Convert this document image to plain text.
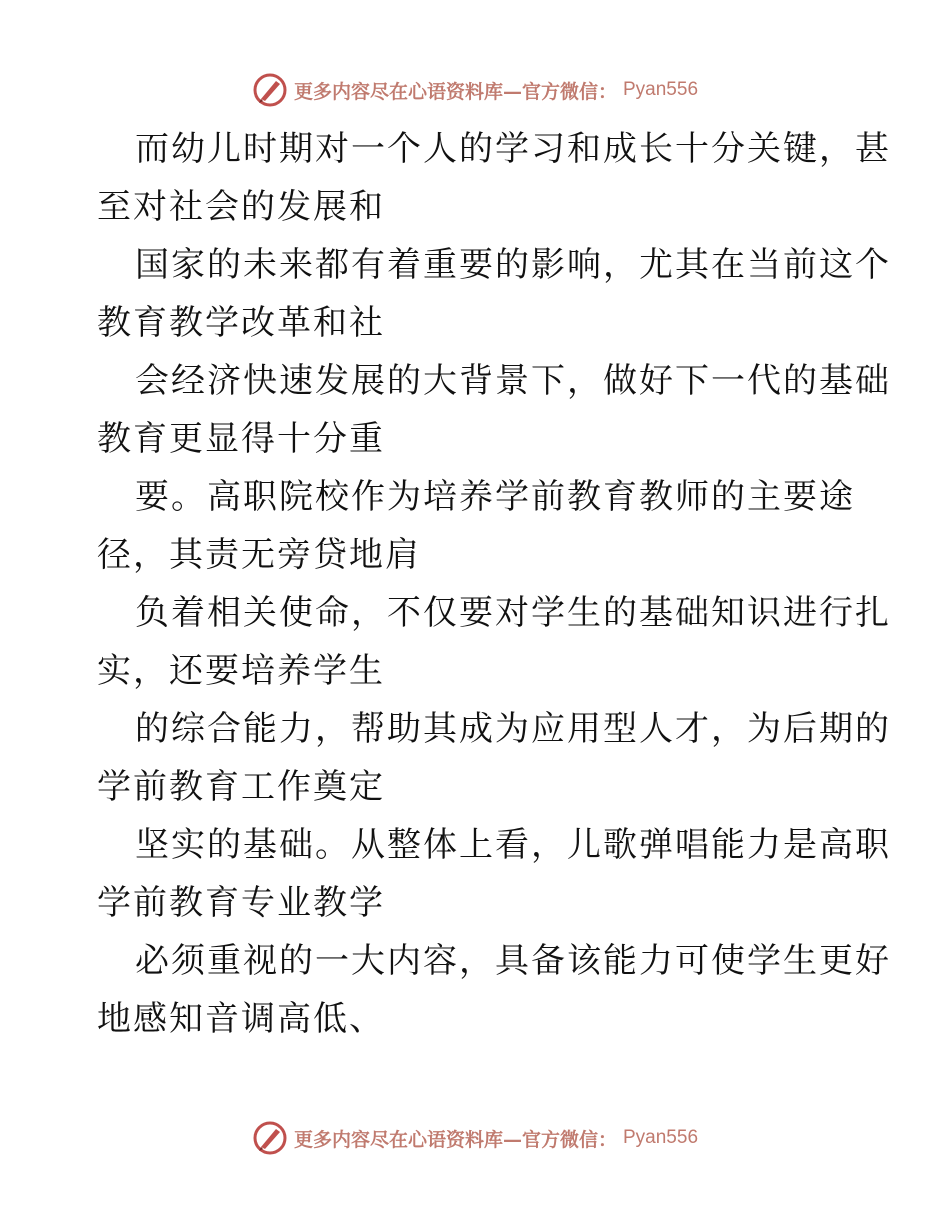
更多内容尽在心语资料库—官方微信： Pyan556

而幼儿时期对一个人的学习和成长十分关键，甚
至对社会的发展和

国家的未来都有着重要的影响，尤其在当前这个
教育教学改革和社

会经济快速发展的大背景下，做好下一代的基础
教育更显得十分重

要。高职院校作为培养学前教育教师的主要途
径，其责无旁贷地肩

负着相关使命，不仅要对学生的基础知识进行扎
实，还要培养学生

的综合能力，帮助其成为应用型人才，为后期的
学前教育工作奠定

坚实的基础。从整体上看，儿歌弹唱能力是高职
学前教育专业教学

必须重视的一大内容，具备该能力可使学生更好
地感知音调高低、

更多内容尽在心语资料库—官方微信： Pyan556
